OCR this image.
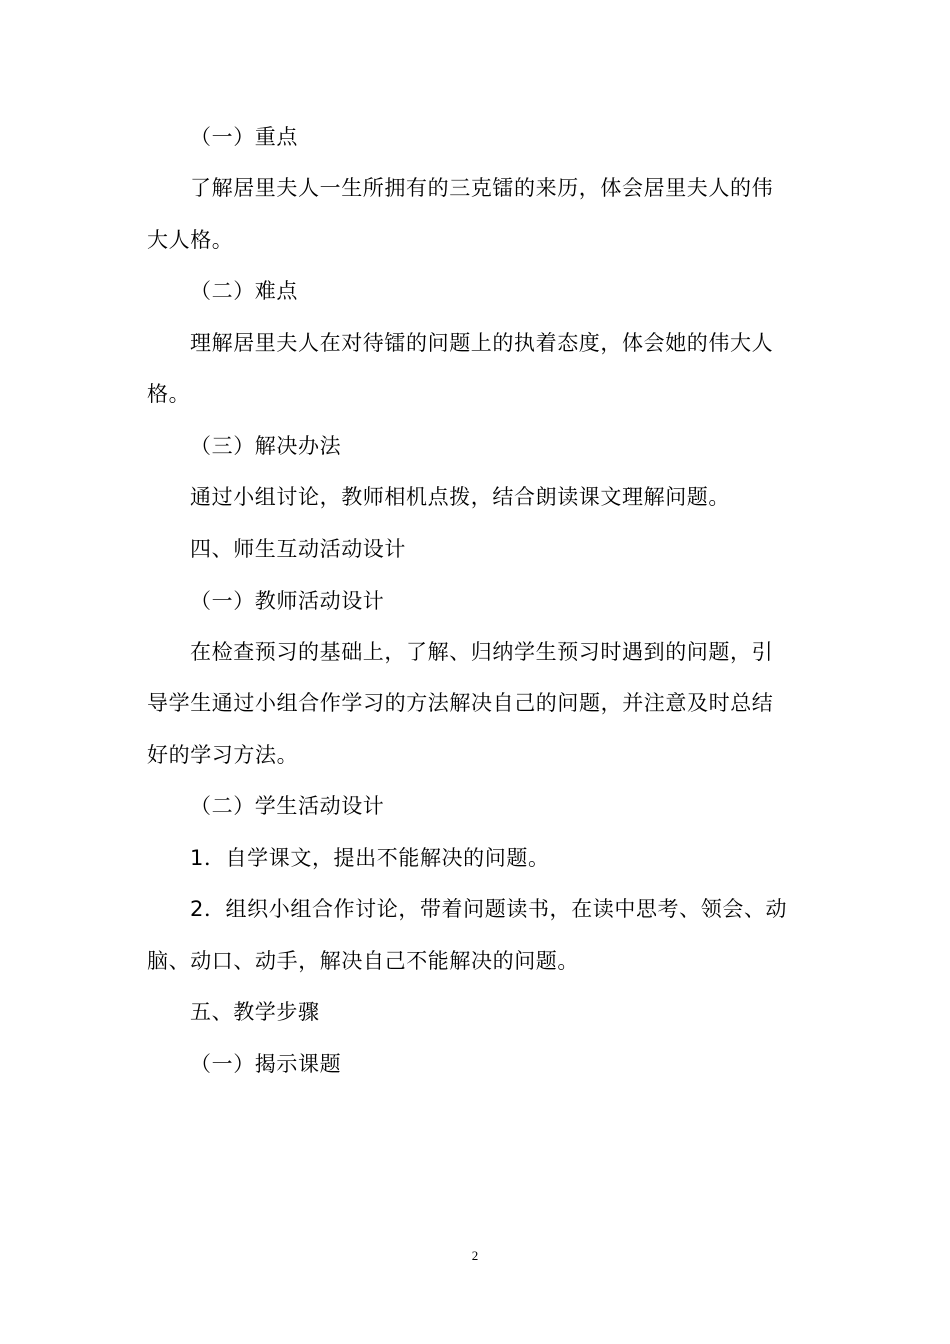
（一）重点
了解居里夫人一生所拥有的三克镭的来历，体会居里夫人的伟
大人格。
（二）难点
理解居里夫人在对待镭的问题上的执着态度，体会她的伟大人
格。
（三）解决办法
通过小组讨论，教师相机点拨，结合朗读课文理解问题。
四、师生互动活动设计
（一）教师活动设计
在检查预习的基础上，了解、归纳学生预习时遇到的问题，引
导学生通过小组合作学习的方法解决自己的问题，并注意及时总结
好的学习方法。
（二）学生活动设计
1．自学课文，提出不能解决的问题。
2．组织小组合作讨论，带着问题读书，在读中思考、领会、动
脑、动口、动手，解决自己不能解决的问题。
五、教学步骤
（一）揭示课题
2
